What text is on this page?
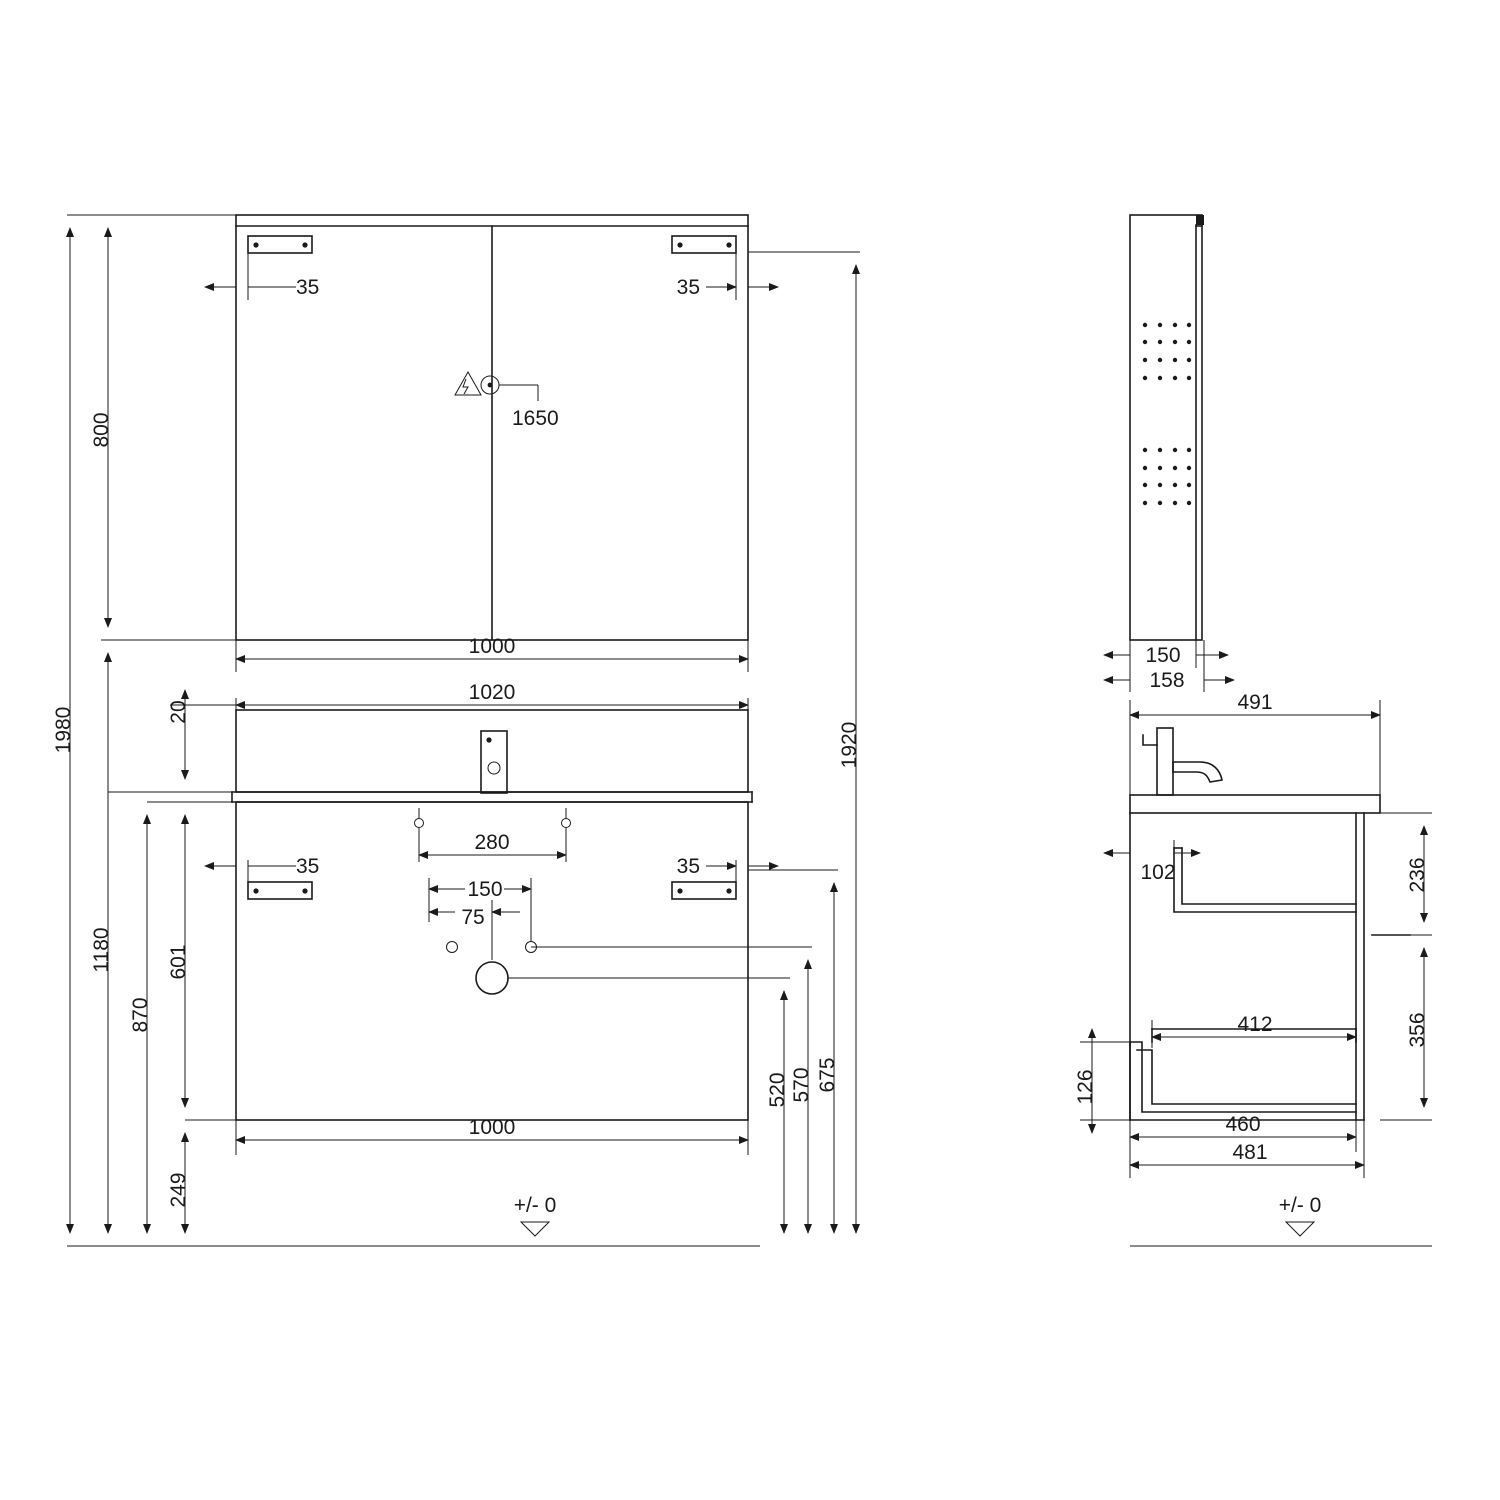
35	35
1650
800
1000
1020
20
35	35
280
150
75
1000
+/- 0
1980
1180
870
601
249
1920
675
570
520
150
158
491
102
412
460
481
236
356
126
+/- 0
